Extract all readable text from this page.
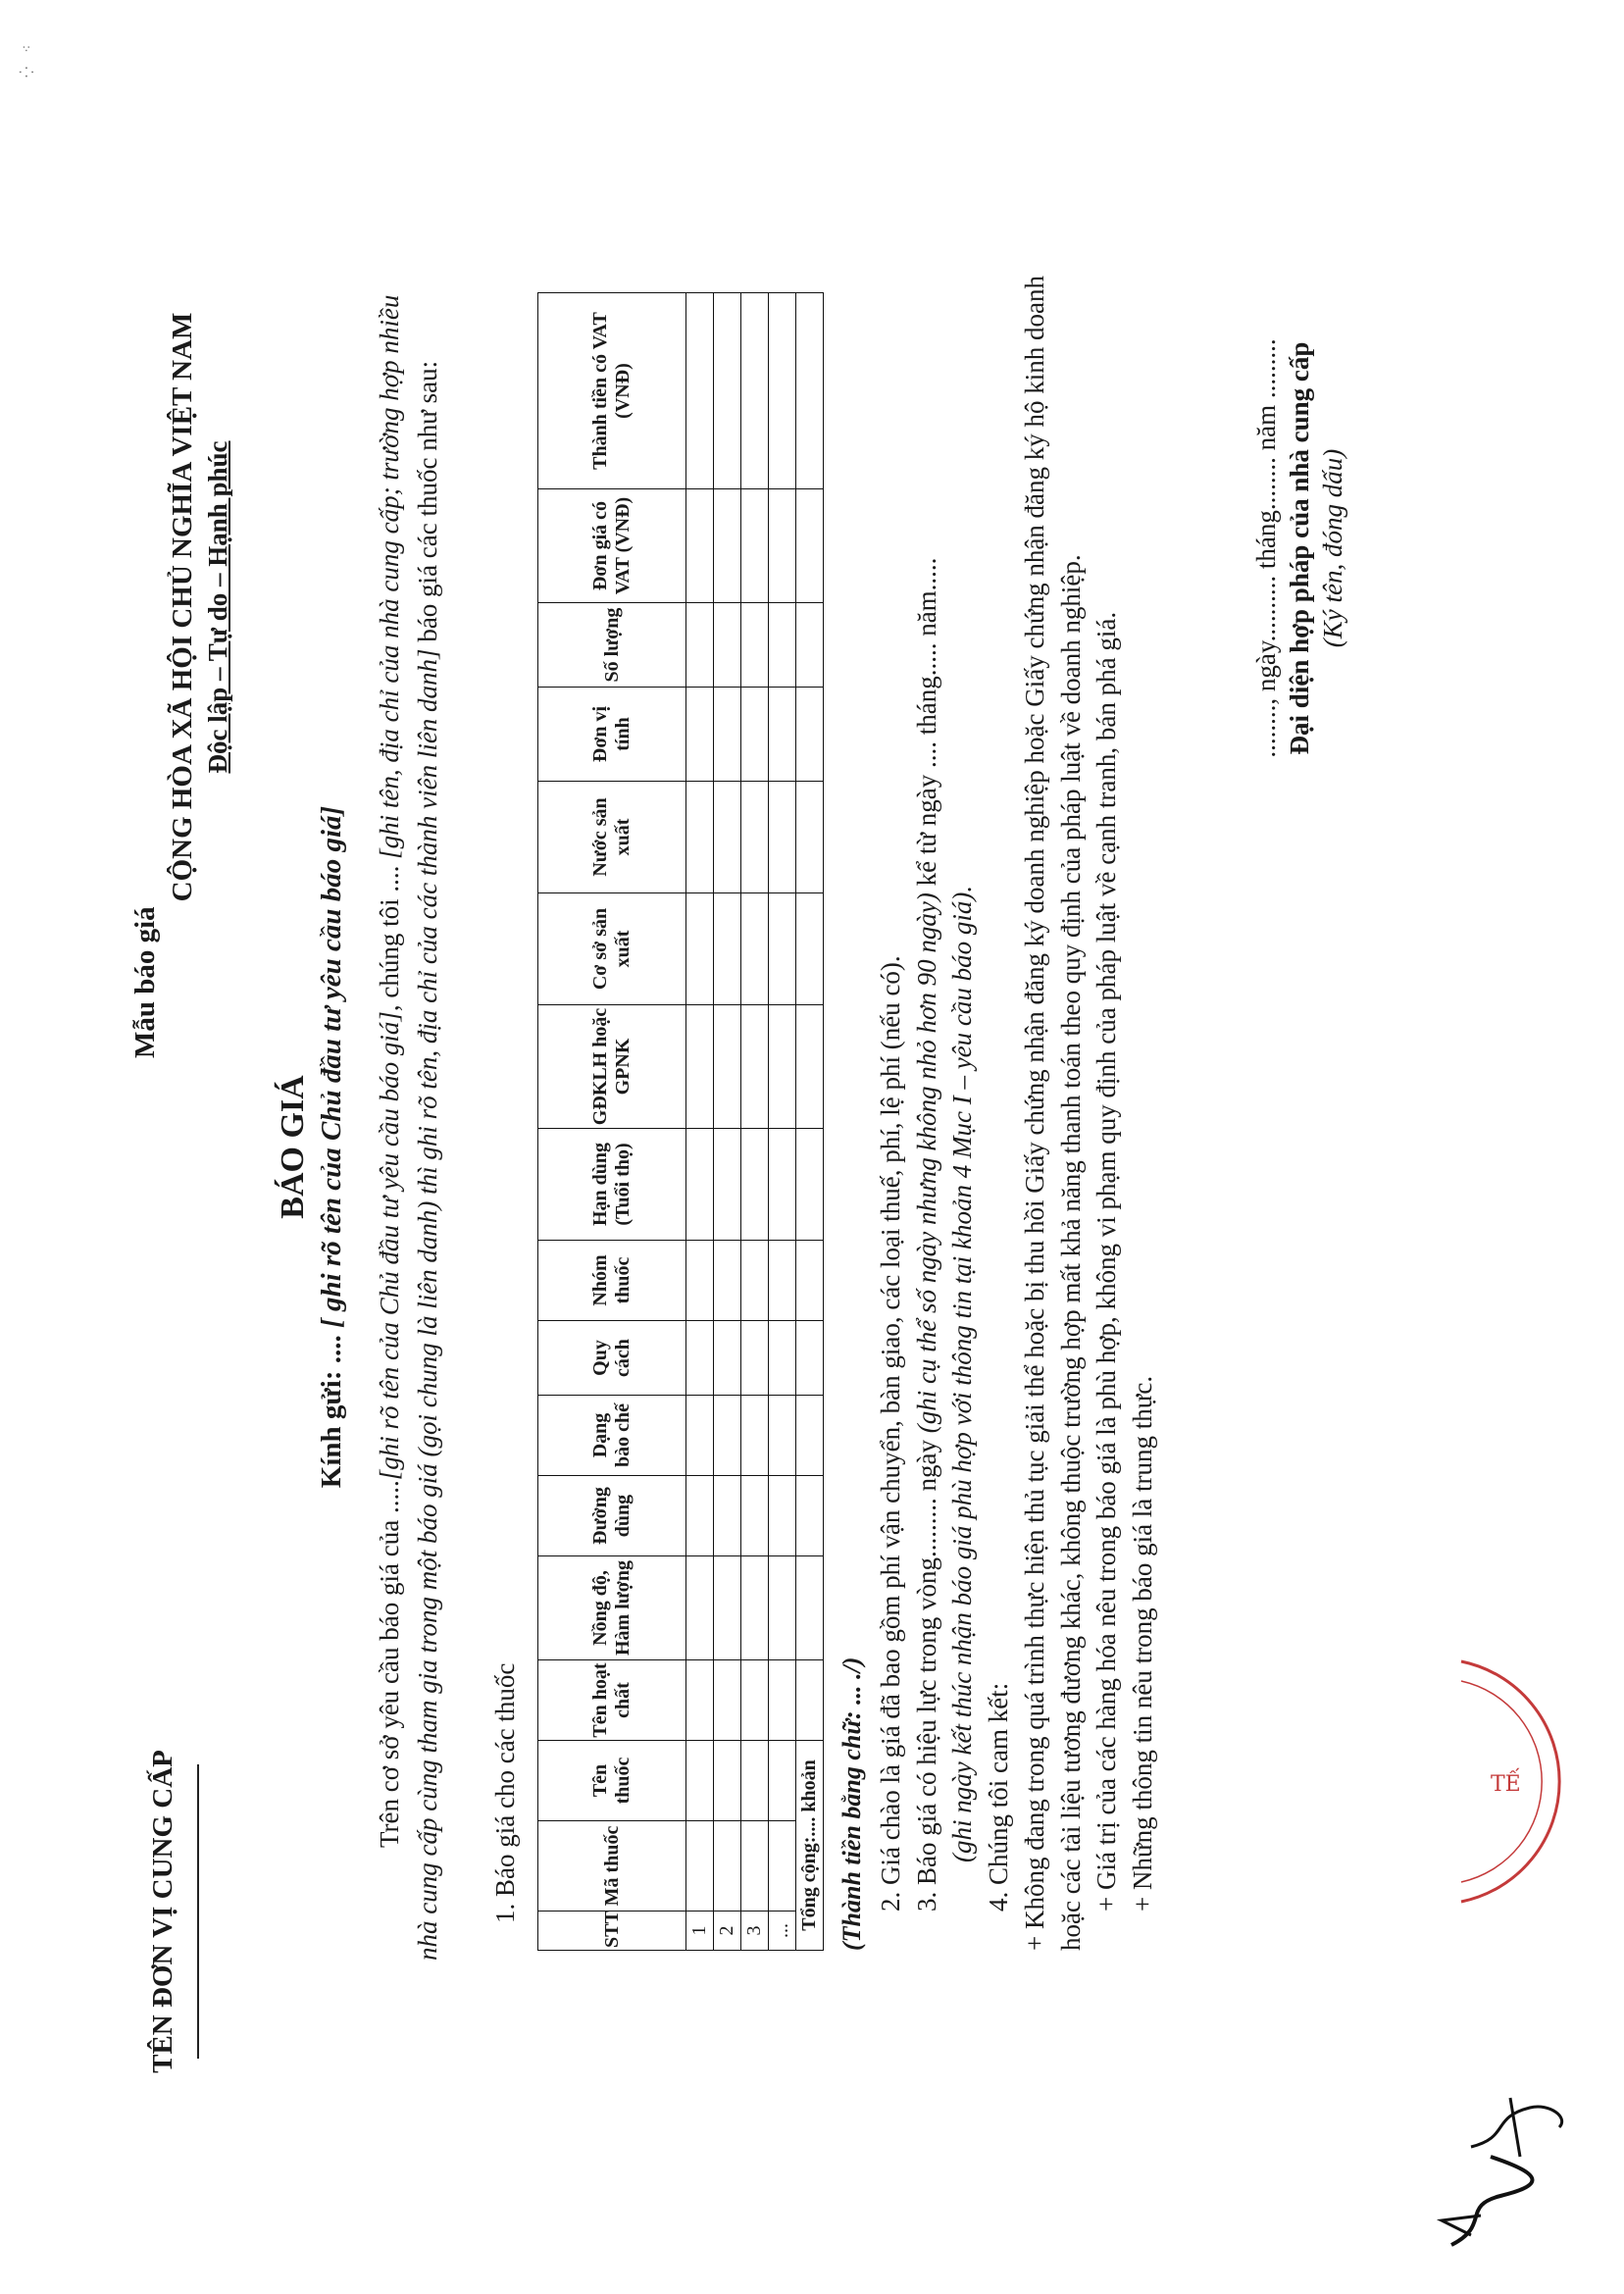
⁛    ⁖
TÊN ĐƠN VỊ CUNG CẤP
Mẫu báo giá
CỘNG HÒA XÃ HỘI CHỦ NGHĨA VIỆT NAM Độc lập – Tự do – Hạnh phúc
BÁO GIÁ
Kính gửi: .... [ ghi rõ tên của Chủ đầu tư yêu cầu báo giá]
Trên cơ sở yêu cầu báo giá của .....[ghi rõ tên của Chủ đầu tư yêu cầu báo giá], chúng tôi .... [ghi tên, địa chỉ của nhà cung cấp; trường hợp nhiều nhà cung cấp cùng tham gia trong một báo giá (gọi chung là liên danh) thì ghi rõ tên, địa chỉ của các thành viên liên danh] báo giá các thuốc như sau:
1. Báo giá cho các thuốc
STT	Mã thuốc	Tên thuốc	Tên hoạt chất	Nồng độ, Hàm lượng	Đường dùng	Dạng bào chế	Quy cách	Nhóm thuốc	Hạn dùng (Tuổi thọ)	GĐKLH hoặc GPNK	Cơ sở sản xuất	Nước sản xuất	Đơn vị tính	Số lượng	Đơn giá có VAT (VNĐ)	Thành tiền có VAT (VNĐ)
1																
2																
3																
...																
Tổng cộng:.... khoản																(Thành tiền bằng chữ: ... ./) 2. Giá chào là giá đã bao gồm phí vận chuyển, bàn giao, các loại thuế, phí, lệ phí (nếu có). 3. Báo giá có hiệu lực trong vòng......... ngày (ghi cụ thể số ngày nhưng không nhỏ hơn 90 ngày) kể từ ngày .... tháng..... năm.....
(ghi ngày kết thúc nhận báo giá phù hợp với thông tin tại khoản 4 Mục I – yêu cầu báo giá). 4. Chúng tôi cam kết: + Không đang trong quá trình thực hiện thủ tục giải thể hoặc bị thu hồi Giấy chứng nhận đăng ký doanh nghiệp hoặc Giấy chứng nhận đăng ký hộ kinh doanh hoặc các tài liệu tương đương khác, không thuộc trường hợp mất khả năng thanh toán theo quy định của pháp luật về doanh nghiệp. + Giá trị của các hàng hóa nêu trong báo giá là phù hợp, không vi phạm quy định của pháp luật về cạnh tranh, bán phá giá. + Những thông tin nêu trong báo giá là trung thực.
........, ngày.......... tháng........ năm ......... Đại diện hợp pháp của nhà cung cấp (Ký tên, đóng dấu)
TẾ
